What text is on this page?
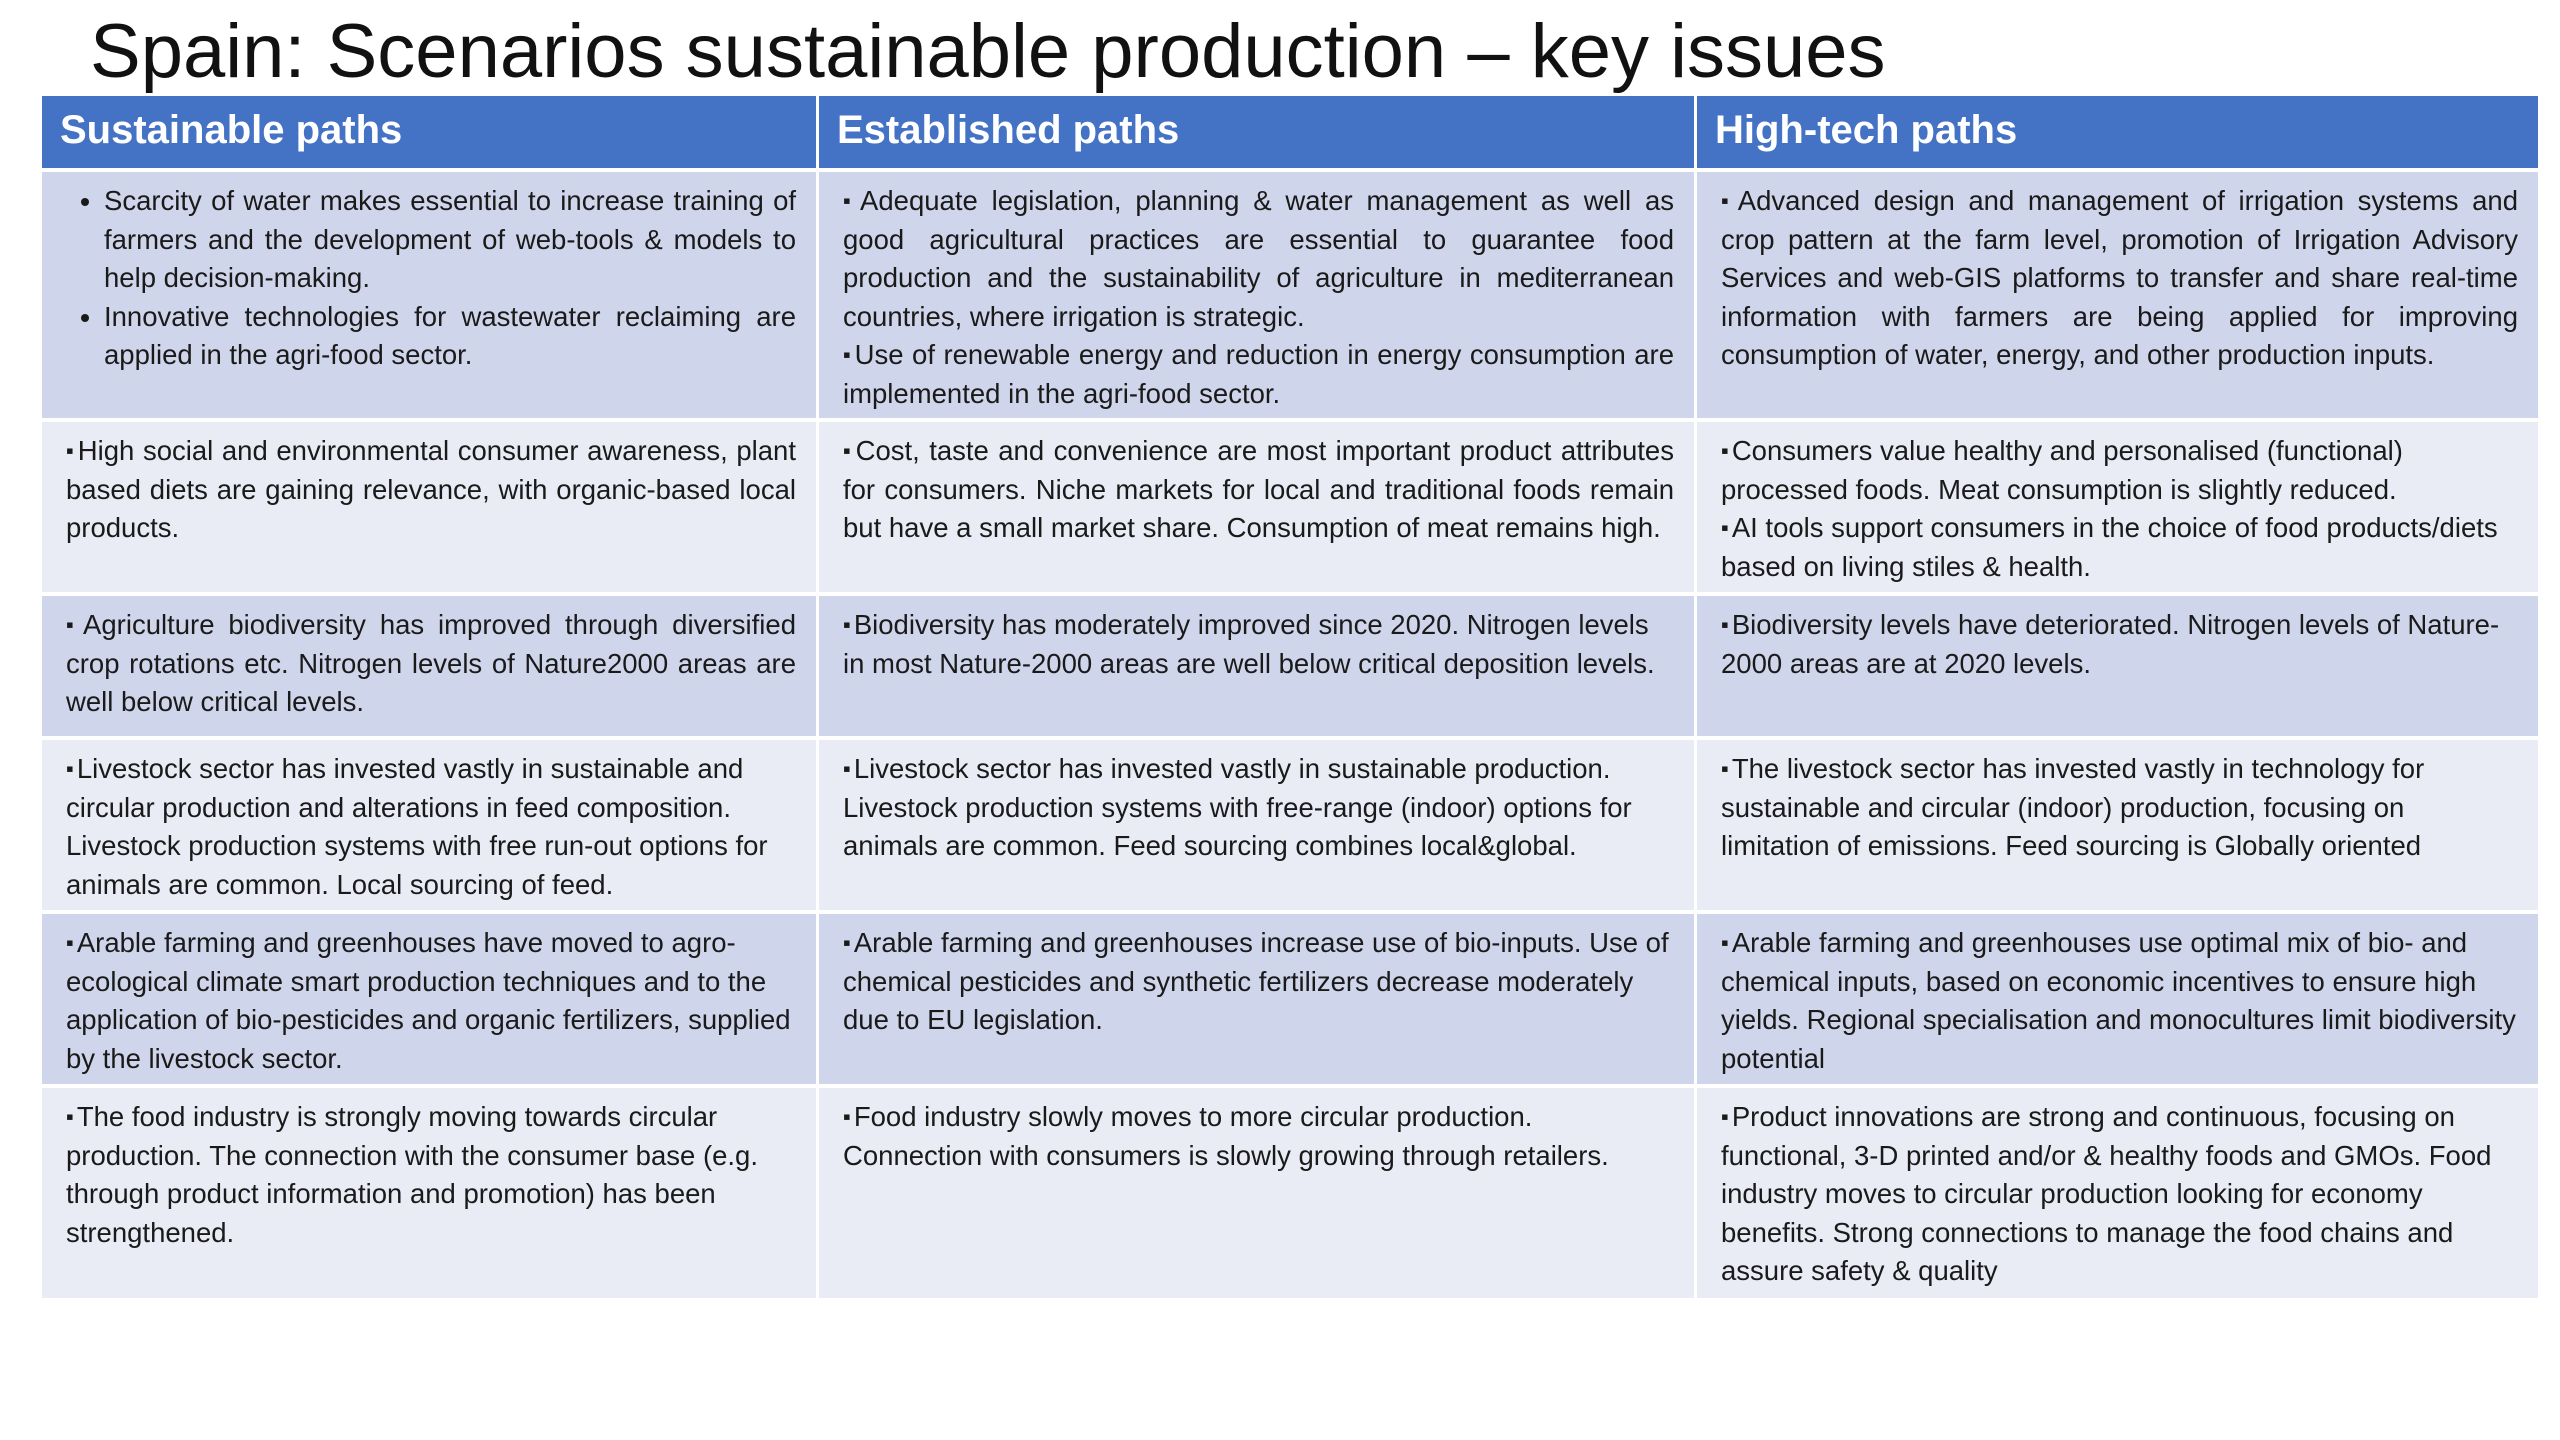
Spain: Scenarios sustainable production – key issues
Sustainable paths	Established paths	High-tech paths
• Scarcity of water makes essential to increase training of farmers and the development of web-tools & models to help decision-making.
• Innovative technologies for wastewater reclaiming are applied in the agri-food sector.

▪ Adequate legislation, planning & water management as well as good agricultural practices are essential to guarantee food production and the sustainability of agriculture in mediterranean countries, where irrigation is strategic.

▪ Use of renewable energy and reduction in energy consumption are implemented in the agri-food sector.

▪ Advanced design and management of irrigation systems and crop pattern at the farm level, promotion of Irrigation Advisory Services and web-GIS platforms to transfer and share real-time information with farmers are being applied for improving consumption of water, energy, and other production inputs.

▪ High social and environmental consumer awareness, plant based diets are gaining relevance, with organic-based local products.

▪ Cost, taste and convenience are most important product attributes for consumers. Niche markets for local and traditional foods remain but have a small market share. Consumption of meat remains high.

▪ Consumers value healthy and personalised (functional) processed foods. Meat consumption is slightly reduced.

▪ AI tools support consumers in the choice of food products/diets based on living stiles & health.

▪ Agriculture biodiversity has improved through diversified crop rotations etc. Nitrogen levels of Nature2000 areas are well below critical levels.

▪ Biodiversity has moderately improved since 2020. Nitrogen levels in most Nature-2000 areas are well below critical deposition levels.

▪ Biodiversity levels have deteriorated. Nitrogen levels of Nature-2000 areas are at 2020 levels.

▪ Livestock sector has invested vastly in sustainable and circular production and alterations in feed composition. Livestock production systems with free run-out options for animals are common. Local sourcing of feed.

▪ Livestock sector has invested vastly in sustainable production. Livestock production systems with free-range (indoor) options for animals are common. Feed sourcing combines local&global.

▪ The livestock sector has invested vastly in technology for sustainable and circular (indoor) production, focusing on limitation of emissions. Feed sourcing is Globally oriented

▪ Arable farming and greenhouses have moved to agro-ecological climate smart production techniques and to the application of bio-pesticides and organic fertilizers, supplied by the livestock sector.

▪ Arable farming and greenhouses increase use of bio-inputs. Use of chemical pesticides and synthetic fertilizers decrease moderately due to EU legislation.

▪ Arable farming and greenhouses use optimal mix of bio- and chemical inputs, based on economic incentives to ensure high yields. Regional specialisation and monocultures limit biodiversity potential

▪ The food industry is strongly moving towards circular production. The connection with the consumer base (e.g. through product information and promotion) has been strengthened.

▪ Food industry slowly moves to more circular production. Connection with consumers is slowly growing through retailers.

▪ Product innovations are strong and continuous, focusing on functional, 3-D printed and/or & healthy foods and GMOs. Food industry moves to circular production looking for economy benefits. Strong connections to manage the food chains and assure safety & quality
